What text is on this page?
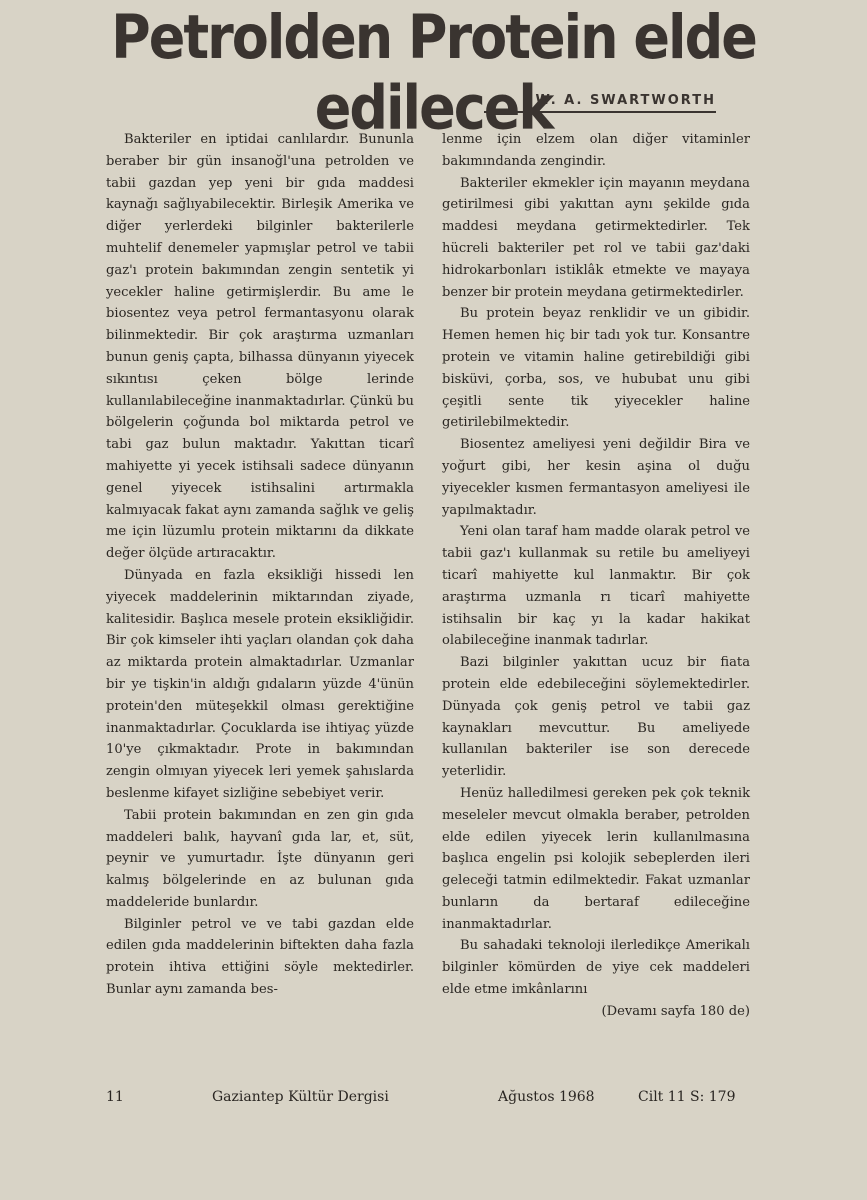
Petrolden Protein elde edilecek
W. A. SWARTWORTH

Bakteriler en iptidai canlılardır. Bununla beraber bir gün insanoğl'una petrolden ve tabii gazdan yep yeni bir gıda maddesi kaynağı sağlıyabilecektir. Birleşik Amerika ve diğer yerlerdeki bilginler bakterilerle muhtelif denemeler yapmışlar petrol ve tabii gaz'ı protein bakımından zengin sentetik yi yecekler haline getirmişlerdir. Bu ame le biosentez veya petrol fermantasyonu olarak bilinmektedir. Bir çok araştırma uzmanları bunun geniş çapta, bilhassa dünyanın yiyecek sıkıntısı çeken bölge lerinde kullanılabileceğine inanmaktadırlar. Çünkü bu bölgelerin çoğunda bol miktarda petrol ve tabi gaz bulun maktadır. Yakıttan ticarî mahiyette yi yecek istihsali sadece dünyanın genel yiyecek istihsalini artırmakla kalmıyacak fakat aynı zamanda sağlık ve geliş me için lüzumlu protein miktarını da dikkate değer ölçüde artıracaktır.

Dünyada en fazla eksikliği hissedi len yiyecek maddelerinin miktarından ziyade, kalitesidir. Başlıca mesele protein eksikliğidir. Bir çok kimseler ihti yaçları olandan çok daha az miktarda protein almaktadırlar. Uzmanlar bir ye tişkin'in aldığı gıdaların yüzde 4'ünün protein'den müteşekkil olması gerektiğine inanmaktadırlar. Çocuklarda ise ihtiyaç yüzde 10'ye çıkmaktadır. Prote in bakımından zengin olmıyan yiyecek leri yemek şahıslarda beslenme kifayet sizliğine sebebiyet verir.

Tabii protein bakımından en zen gin gıda maddeleri balık, hayvanî gıda lar, et, süt, peynir ve yumurtadır. İşte dünyanın geri kalmış bölgelerinde en az bulunan gıda maddeleride bunlardır.

Bilginler petrol ve ve tabi gazdan elde edilen gıda maddelerinin biftekten daha fazla protein ihtiva ettiğini söyle mektedirler. Bunlar aynı zamanda bes-

lenme için elzem olan diğer vitaminler bakımındanda zengindir.

Bakteriler ekmekler için mayanın meydana getirilmesi gibi yakıttan aynı şekilde gıda maddesi meydana getirmektedirler. Tek hücreli bakteriler pet rol ve tabii gaz'daki hidrokarbonları istiklâk etmekte ve mayaya benzer bir protein meydana getirmektedirler.

Bu protein beyaz renklidir ve un gibidir. Hemen hemen hiç bir tadı yok tur. Konsantre protein ve vitamin haline getirebildiği gibi bisküvi, çorba, sos, ve hububat unu gibi çeşitli sente tik yiyecekler haline getirilebilmektedir.

Biosentez ameliyesi yeni değildir Bira ve yoğurt gibi, her kesin aşina ol duğu yiyecekler kısmen fermantasyon ameliyesi ile yapılmaktadır.

Yeni olan taraf ham madde olarak petrol ve tabii gaz'ı kullanmak su retile bu ameliyeyi ticarî mahiyette kul lanmaktır. Bir çok araştırma uzmanla rı ticarî mahiyette istihsalin bir kaç yı la kadar hakikat olabileceğine inanmak tadırlar.

Bazi bilginler yakıttan ucuz bir fiata protein elde edebileceğini söylemektedirler. Dünyada çok geniş petrol ve tabii gaz kaynakları mevcuttur. Bu ameliyede kullanılan bakteriler ise son derecede yeterlidir.

Henüz halledilmesi gereken pek çok teknik meseleler mevcut olmakla beraber, petrolden elde edilen yiyecek lerin kullanılmasına başlıca engelin psi kolojik sebeplerden ileri geleceği tatmin edilmektedir. Fakat uzmanlar bunların da bertaraf edileceğine inanmaktadırlar.

Bu sahadaki teknoloji ilerledikçe Amerikalı bilginler kömürden de yiye cek maddeleri elde etme imkânlarını

(Devamı sayfa 180 de)

11	Gaziantep Kültür Dergisi	Ağustos 1968	Cilt 11 S: 179
